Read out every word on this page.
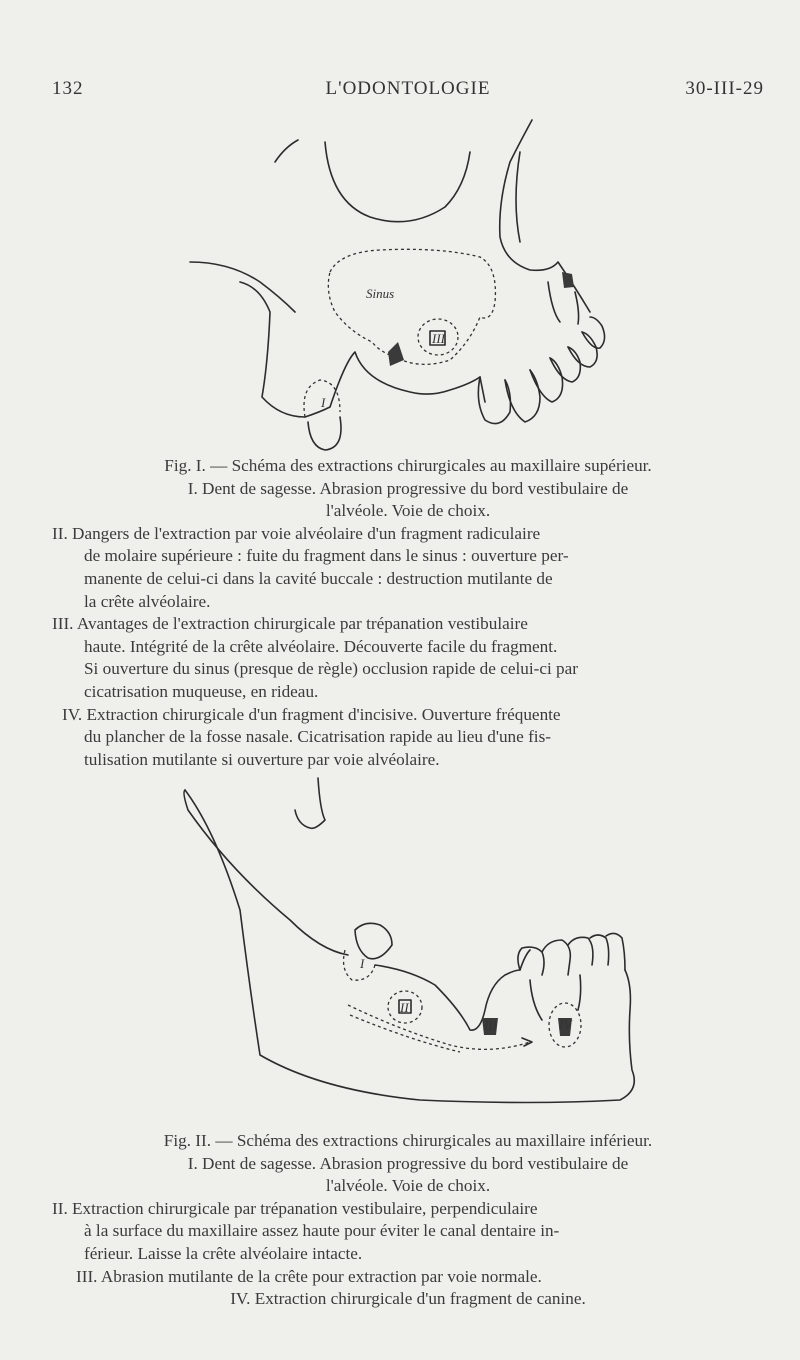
132	L'ODONTOLOGIE	30-III-29
Sinus
III
I
Fig. I. — Schéma des extractions chirurgicales au maxillaire supérieur.
I. Dent de sagesse. Abrasion progressive du bord vestibulaire de
l'alvéole. Voie de choix.
II. Dangers de l'extraction par voie alvéolaire d'un fragment radiculaire
de molaire supérieure : fuite du fragment dans le sinus : ouverture per-
manente de celui-ci dans la cavité buccale : destruction mutilante de
la crête alvéolaire.
III. Avantages de l'extraction chirurgicale par trépanation vestibulaire
haute. Intégrité de la crête alvéolaire. Découverte facile du fragment.
Si ouverture du sinus (presque de règle) occlusion rapide de celui-ci par
cicatrisation muqueuse, en rideau.
IV. Extraction chirurgicale d'un fragment d'incisive. Ouverture fréquente
du plancher de la fosse nasale. Cicatrisation rapide au lieu d'une fis-
tulisation mutilante si ouverture par voie alvéolaire.
I
II
III	IV
Fig. II. — Schéma des extractions chirurgicales au maxillaire inférieur.
I. Dent de sagesse. Abrasion progressive du bord vestibulaire de
l'alvéole. Voie de choix.
II. Extraction chirurgicale par trépanation vestibulaire, perpendiculaire
à la surface du maxillaire assez haute pour éviter le canal dentaire in-
férieur. Laisse la crête alvéolaire intacte.
III. Abrasion mutilante de la crête pour extraction par voie normale.
IV. Extraction chirurgicale d'un fragment de canine.
